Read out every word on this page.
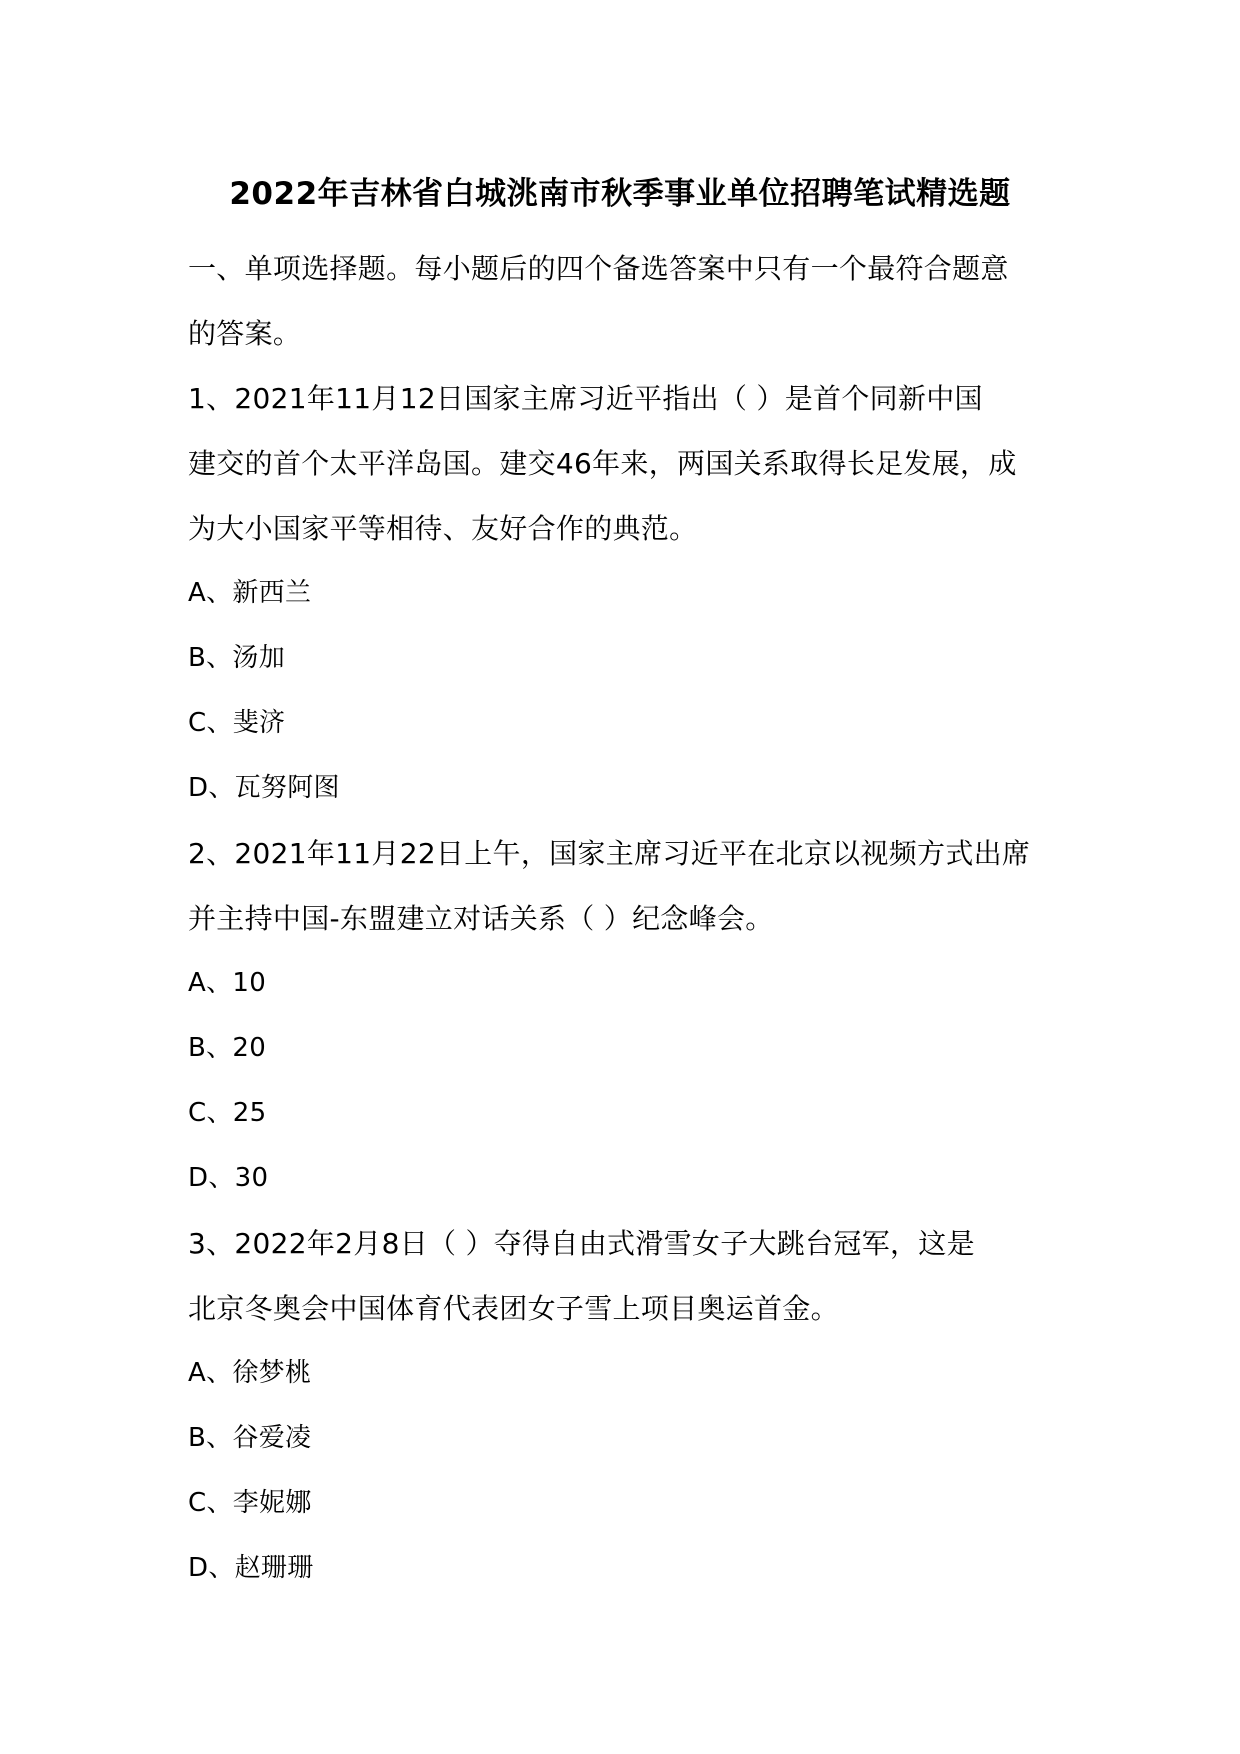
2022年吉林省白城洮南市秋季事业单位招聘笔试精选题
一、单项选择题。每小题后的四个备选答案中只有一个最符合题意
的答案。
1、2021年11月12日国家主席习近平指出（ ）是首个同新中国
建交的首个太平洋岛国。建交46年来，两国关系取得长足发展，成
为大小国家平等相待、友好合作的典范。
A、新西兰
B、汤加
C、斐济
D、瓦努阿图
2、2021年11月22日上午，国家主席习近平在北京以视频方式出席
并主持中国-东盟建立对话关系（ ）纪念峰会。
A、10
B、20
C、25
D、30
3、2022年2月8日（ ）夺得自由式滑雪女子大跳台冠军，这是
北京冬奥会中国体育代表团女子雪上项目奥运首金。
A、徐梦桃
B、谷爱凌
C、李妮娜
D、赵珊珊
